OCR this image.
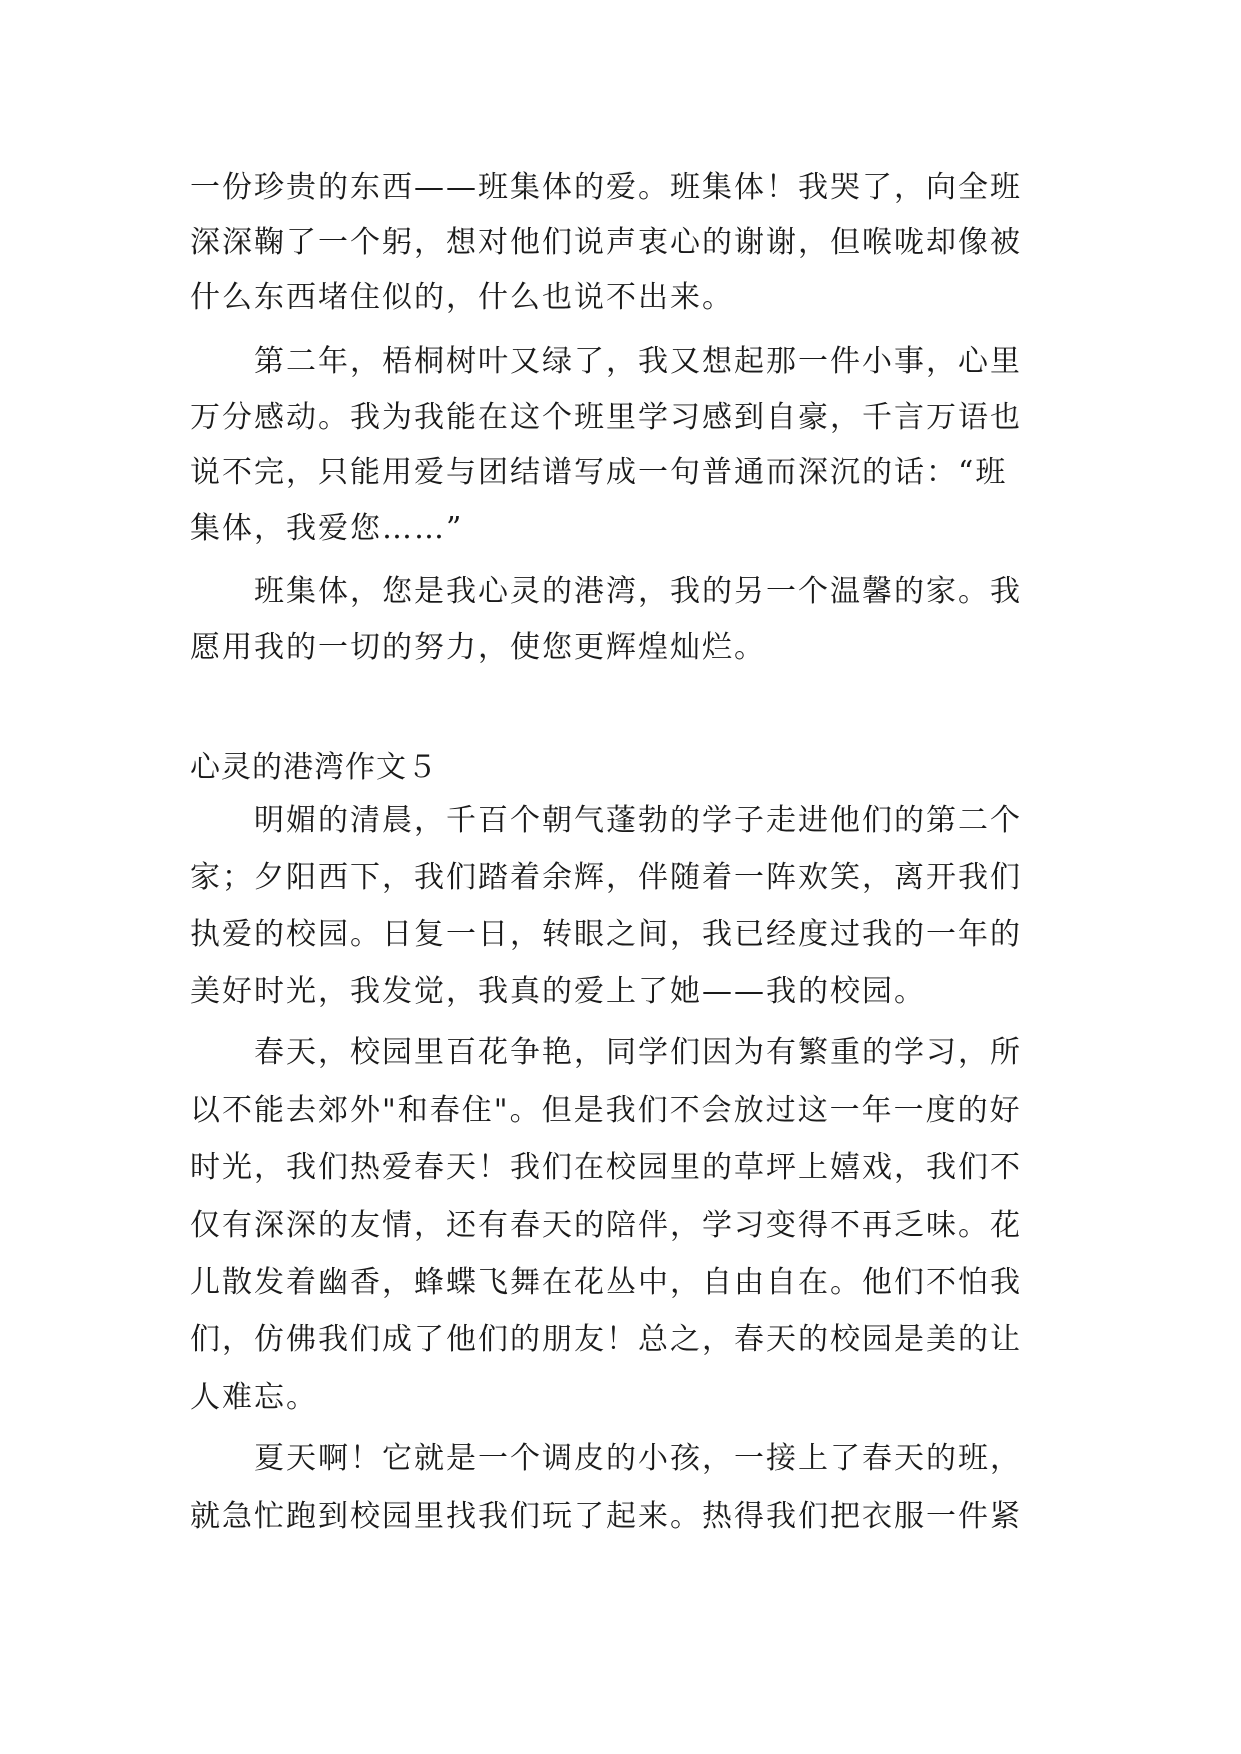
一份珍贵的东西——班集体的爱。班集体！我哭了，向全班
深深鞠了一个躬，想对他们说声衷心的谢谢，但喉咙却像被
什么东西堵住似的，什么也说不出来。
第二年，梧桐树叶又绿了，我又想起那一件小事，心里
万分感动。我为我能在这个班里学习感到自豪，千言万语也
说不完，只能用爱与团结谱写成一句普通而深沉的话：“班
集体，我爱您……”
班集体，您是我心灵的港湾，我的另一个温馨的家。我
愿用我的一切的努力，使您更辉煌灿烂。
心灵的港湾作文５
明媚的清晨，千百个朝气蓬勃的学子走进他们的第二个
家；夕阳西下，我们踏着余辉，伴随着一阵欢笑，离开我们
执爱的校园。日复一日，转眼之间，我已经度过我的一年的
美好时光，我发觉，我真的爱上了她——我的校园。
春天，校园里百花争艳，同学们因为有繁重的学习，所
以不能去郊外"和春住"。但是我们不会放过这一年一度的好
时光，我们热爱春天！我们在校园里的草坪上嬉戏，我们不
仅有深深的友情，还有春天的陪伴，学习变得不再乏味。花
儿散发着幽香，蜂蝶飞舞在花丛中，自由自在。他们不怕我
们，仿佛我们成了他们的朋友！总之，春天的校园是美的让
人难忘。
夏天啊！它就是一个调皮的小孩，一接上了春天的班，
就急忙跑到校园里找我们玩了起来。热得我们把衣服一件紧
